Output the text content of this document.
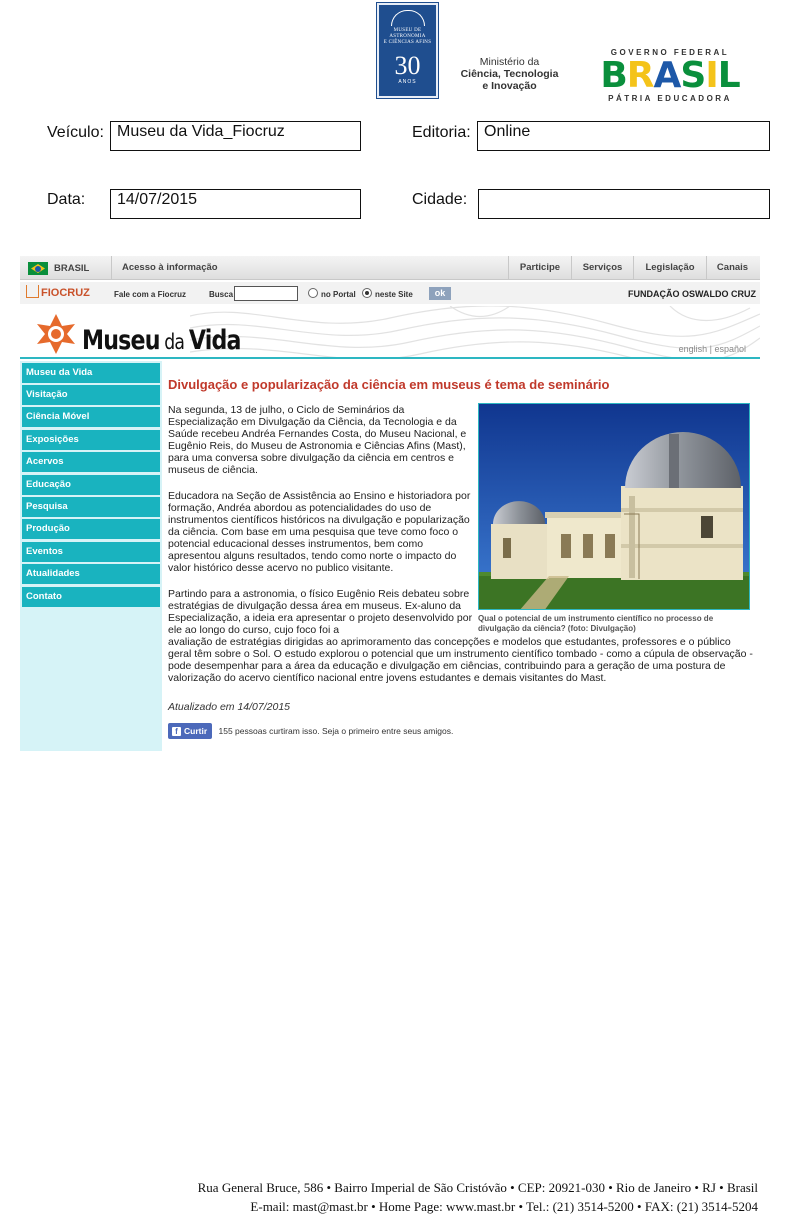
MUSEU DE
ASTRONOMIA
E CIÊNCIAS AFINS
30
ANOS
Ministério da
Ciência, Tecnologia
e Inovação
GOVERNO FEDERAL
BRASIL
PÁTRIA EDUCADORA
Veículo: Museu da Vida_Fiocruz	Editoria: Online
Data:	14/07/2015	Cidade:
BRASIL	Acesso à informação	Participe	Serviços	Legislação	Canais
FIOCRUZ	Fale com a Fiocruz	Busca	no Portal neste Site	ok	FUNDAÇÃO OSWALDO CRUZ
Museu da Vida	english | español
Museu da Vida
Visitação
Ciência Móvel
Exposições
Acervos
Educação
Pesquisa
Produção
Eventos
Atualidades
Contato
Divulgação e popularização da ciência em museus é tema de seminário
Na segunda, 13 de julho, o Ciclo de Seminários da Especialização em Divulgação da Ciência, da Tecnologia e da Saúde recebeu Andréa Fernandes Costa, do Museu Nacional, e Eugênio Reis, do Museu de Astronomia e Ciências Afins (Mast), para uma conversa sobre divulgação da ciência em centros e museus de ciência.
Educadora na Seção de Assistência ao Ensino e historiadora por formação, Andréa abordou as potencialidades do uso de instrumentos científicos históricos na divulgação e popularização da ciência. Com base em uma pesquisa que teve como foco o potencial educacional desses instrumentos, bem como apresentou alguns resultados, tendo como norte o impacto do valor histórico desse acervo no publico visitante.
Partindo para a astronomia, o físico Eugênio Reis debateu sobre estratégias de divulgação dessa área em museus. Ex-aluno da Especialização, a ideia era apresentar o projeto desenvolvido por ele ao longo do curso, cujo foco foi a
avaliação de estratégias dirigidas ao aprimoramento das concepções e modelos que estudantes, professores e o público geral têm sobre o Sol. O estudo explorou o potencial que um instrumento científico tombado - como a cúpula de observação - pode desempenhar para a área da educação e divulgação em ciências, contribuindo para a geração de uma postura de valorização do acervo científico nacional entre jovens estudantes e demais visitantes do Mast.
Qual o potencial de um instrumento científico no processo de divulgação da ciência? (foto: Divulgação)
Atualizado em 14/07/2015
f Curtir 155 pessoas curtiram isso. Seja o primeiro entre seus amigos.
Rua General Bruce, 586 • Bairro Imperial de São Cristóvão • CEP: 20921-030 • Rio de Janeiro • RJ • Brasil
E-mail: mast@mast.br • Home Page: www.mast.br • Tel.: (21) 3514-5200 • FAX: (21) 3514-5204
